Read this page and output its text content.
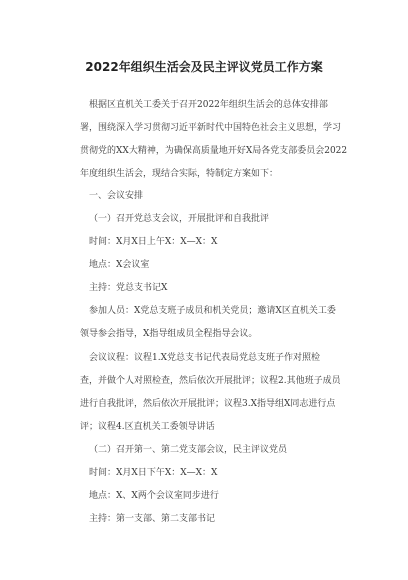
2022年组织生活会及民主评议党员工作方案
根据区直机关工委关于召开2022年组织生活会的总体安排部
署，围绕深入学习贯彻习近平新时代中国特色社会主义思想，学习
贯彻党的XX大精神，为确保高质量地开好X局各党支部委员会2022
年度组织生活会，现结合实际，特制定方案如下：
一、会议安排
（一）召开党总支会议，开展批评和自我批评
时间：X月X日上午X：X—X：X
地点：X会议室
主持：党总支书记X
参加人员：X党总支班子成员和机关党员；邀请X区直机关工委
领导参会指导，X指导组成员全程指导会议。
会议议程：议程1.X党总支书记代表局党总支班子作对照检
查，并做个人对照检查，然后依次开展批评；议程2.其他班子成员
进行自我批评，然后依次开展批评；议程3.X指导组X同志进行点
评；议程4.区直机关工委领导讲话
（二）召开第一、第二党支部会议，民主评议党员
时间：X月X日下午X：X—X：X
地点：X、X两个会议室同步进行
主持：第一支部、第二支部书记
